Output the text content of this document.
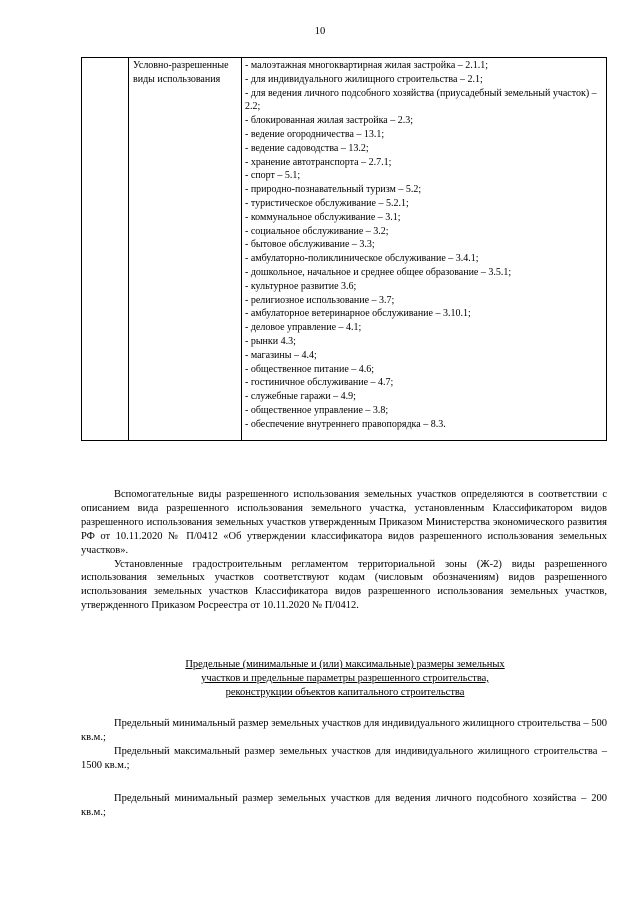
10
	Условно-разрешенные виды использования	
- малоэтажная многоквартирная жилая застройка – 2.1.1;
- для индивидуального жилищного строительства – 2.1;
- для ведения личного подсобного хозяйства (приусадебный земельный участок) – 2.2;
- блокированная жилая застройка – 2.3;
- ведение огородничества – 13.1;
- ведение садоводства – 13.2;
- хранение автотранспорта – 2.7.1;
- спорт – 5.1;
- природно-познавательный туризм – 5.2;
- туристическое обслуживание – 5.2.1;
- коммунальное обслуживание – 3.1;
- социальное обслуживание – 3.2;
- бытовое обслуживание – 3.3;
- амбулаторно-поликлиническое обслуживание – 3.4.1;
- дошкольное, начальное и среднее общее образование – 3.5.1;
- культурное развитие 3.6;
- религиозное использование – 3.7;
- амбулаторное ветеринарное обслуживание – 3.10.1;
- деловое управление – 4.1;
- рынки 4.3;
- магазины – 4.4;
- общественное питание – 4.6;
- гостиничное обслуживание – 4.7;
- служебные гаражи – 4.9;
- общественное управление – 3.8;
- обеспечение внутреннего правопорядка – 8.3.

Вспомогательные виды разрешенного использования земельных участков определяются в соответствии с описанием вида разрешенного использования земельного участка, установленным Классификатором видов разрешенного использования земельных участков утвержденным Приказом Министерства экономического развития РФ от 10.11.2020 № П/0412 «Об утверждении классификатора видов разрешенного использования земельных участков».

Установленные градостроительным регламентом территориальной зоны (Ж-2) виды разрешенного использования земельных участков соответствуют кодам (числовым обозначениям) видов разрешенного использования земельных участков Классификатора видов разрешенного использования земельных участков, утвержденного Приказом Росреестра от 10.11.2020 № П/0412.

Предельные (минимальные и (или) максимальные) размеры земельных
участков и предельные параметры разрешенного строительства,
реконструкции объектов капитального строительства

Предельный минимальный размер земельных участков для индивидуального жилищного строительства – 500 кв.м.;

Предельный максимальный размер земельных участков для индивидуального жилищного строительства – 1500 кв.м.;

Предельный минимальный размер земельных участков для ведения личного подсобного хозяйства – 200 кв.м.;
